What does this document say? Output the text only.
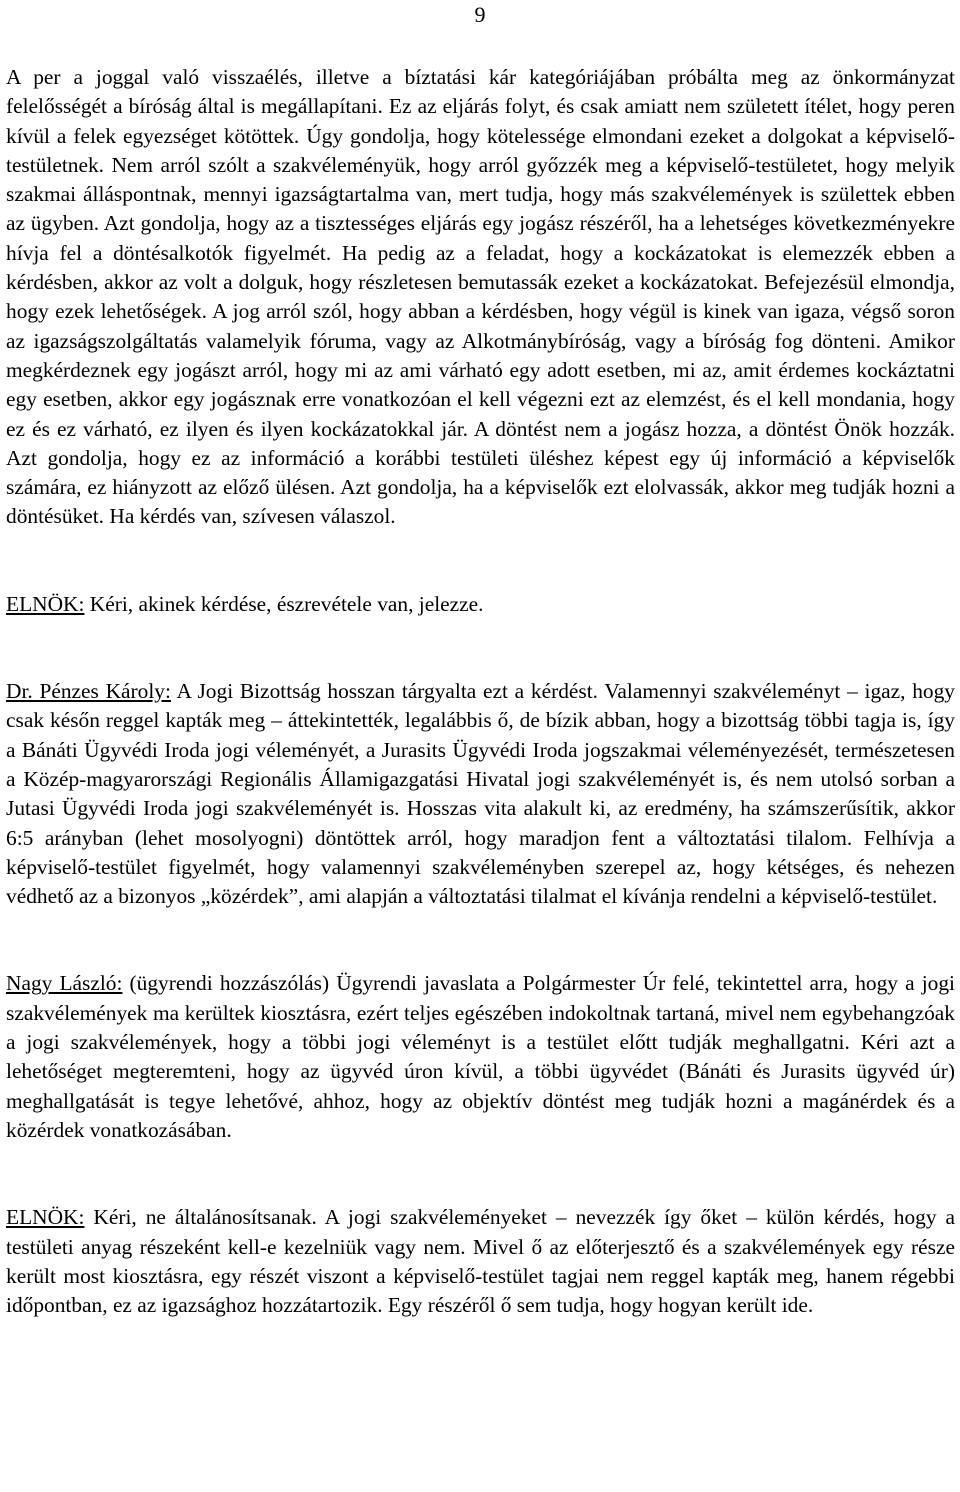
9

A per a joggal való visszaélés, illetve a bíztatási kár kategóriájában próbálta meg az önkormányzat felelősségét a bíróság által is megállapítani. Ez az eljárás folyt, és csak amiatt nem született ítélet, hogy peren kívül a felek egyezséget kötöttek. Úgy gondolja, hogy kötelessége elmondani ezeket a dolgokat a képviselő-testületnek. Nem arról szólt a szakvéleményük, hogy arról győzzék meg a képviselő-testületet, hogy melyik szakmai álláspontnak, mennyi igazságtartalma van, mert tudja, hogy más szakvélemények is születtek ebben az ügyben. Azt gondolja, hogy az a tisztességes eljárás egy jogász részéről, ha a lehetséges következményekre hívja fel a döntésalkotók figyelmét. Ha pedig az a feladat, hogy a kockázatokat is elemezzék ebben a kérdésben, akkor az volt a dolguk, hogy részletesen bemutassák ezeket a kockázatokat. Befejezésül elmondja, hogy ezek lehetőségek. A jog arról szól, hogy abban a kérdésben, hogy végül is kinek van igaza, végső soron az igazságszolgáltatás valamelyik fóruma, vagy az Alkotmánybíróság, vagy a bíróság fog dönteni. Amikor megkérdeznek egy jogászt arról, hogy mi az ami várható egy adott esetben, mi az, amit érdemes kockáztatni egy esetben, akkor egy jogásznak erre vonatkozóan el kell végezni ezt az elemzést, és el kell mondania, hogy ez és ez várható, ez ilyen és ilyen kockázatokkal jár. A döntést nem a jogász hozza, a döntést Önök hozzák. Azt gondolja, hogy ez az információ a korábbi testületi üléshez képest egy új információ a képviselők számára, ez hiányzott az előző ülésen. Azt gondolja, ha a képviselők ezt elolvassák, akkor meg tudják hozni a döntésüket. Ha kérdés van, szívesen válaszol.

ELNÖK: Kéri, akinek kérdése, észrevétele van, jelezze.

Dr. Pénzes Károly: A Jogi Bizottság hosszan tárgyalta ezt a kérdést. Valamennyi szakvéleményt – igaz, hogy csak későn reggel kapták meg – áttekintették, legalábbis ő, de bízik abban, hogy a bizottság többi tagja is, így a Bánáti Ügyvédi Iroda jogi véleményét, a Jurasits Ügyvédi Iroda jogszakmai véleményezését, természetesen a Közép-magyarországi Regionális Államigazgatási Hivatal jogi szakvéleményét is, és nem utolsó sorban a Jutasi Ügyvédi Iroda jogi szakvéleményét is. Hosszas vita alakult ki, az eredmény, ha számszerűsítik, akkor 6:5 arányban (lehet mosolyogni) döntöttek arról, hogy maradjon fent a változtatási tilalom. Felhívja a képviselő-testület figyelmét, hogy valamennyi szakvéleményben szerepel az, hogy kétséges, és nehezen védhető az a bizonyos „közérdek”, ami alapján a változtatási tilalmat el kívánja rendelni a képviselő-testület.

Nagy László: (ügyrendi hozzászólás) Ügyrendi javaslata a Polgármester Úr felé, tekintettel arra, hogy a jogi szakvélemények ma kerültek kiosztásra, ezért teljes egészében indokoltnak tartaná, mivel nem egybehangzóak a jogi szakvélemények, hogy a többi jogi véleményt is a testület előtt tudják meghallgatni. Kéri azt a lehetőséget megteremteni, hogy az ügyvéd úron kívül, a többi ügyvédet (Bánáti és Jurasits ügyvéd úr) meghallgatását is tegye lehetővé, ahhoz, hogy az objektív döntést meg tudják hozni a magánérdek és a közérdek vonatkozásában.

ELNÖK: Kéri, ne általánosítsanak. A jogi szakvéleményeket – nevezzék így őket – külön kérdés, hogy a testületi anyag részeként kell-e kezelniük vagy nem. Mivel ő az előterjesztő és a szakvélemények egy része került most kiosztásra, egy részét viszont a képviselő-testület tagjai nem reggel kapták meg, hanem régebbi időpontban, ez az igazsághoz hozzátartozik. Egy részéről ő sem tudja, hogy hogyan került ide.
